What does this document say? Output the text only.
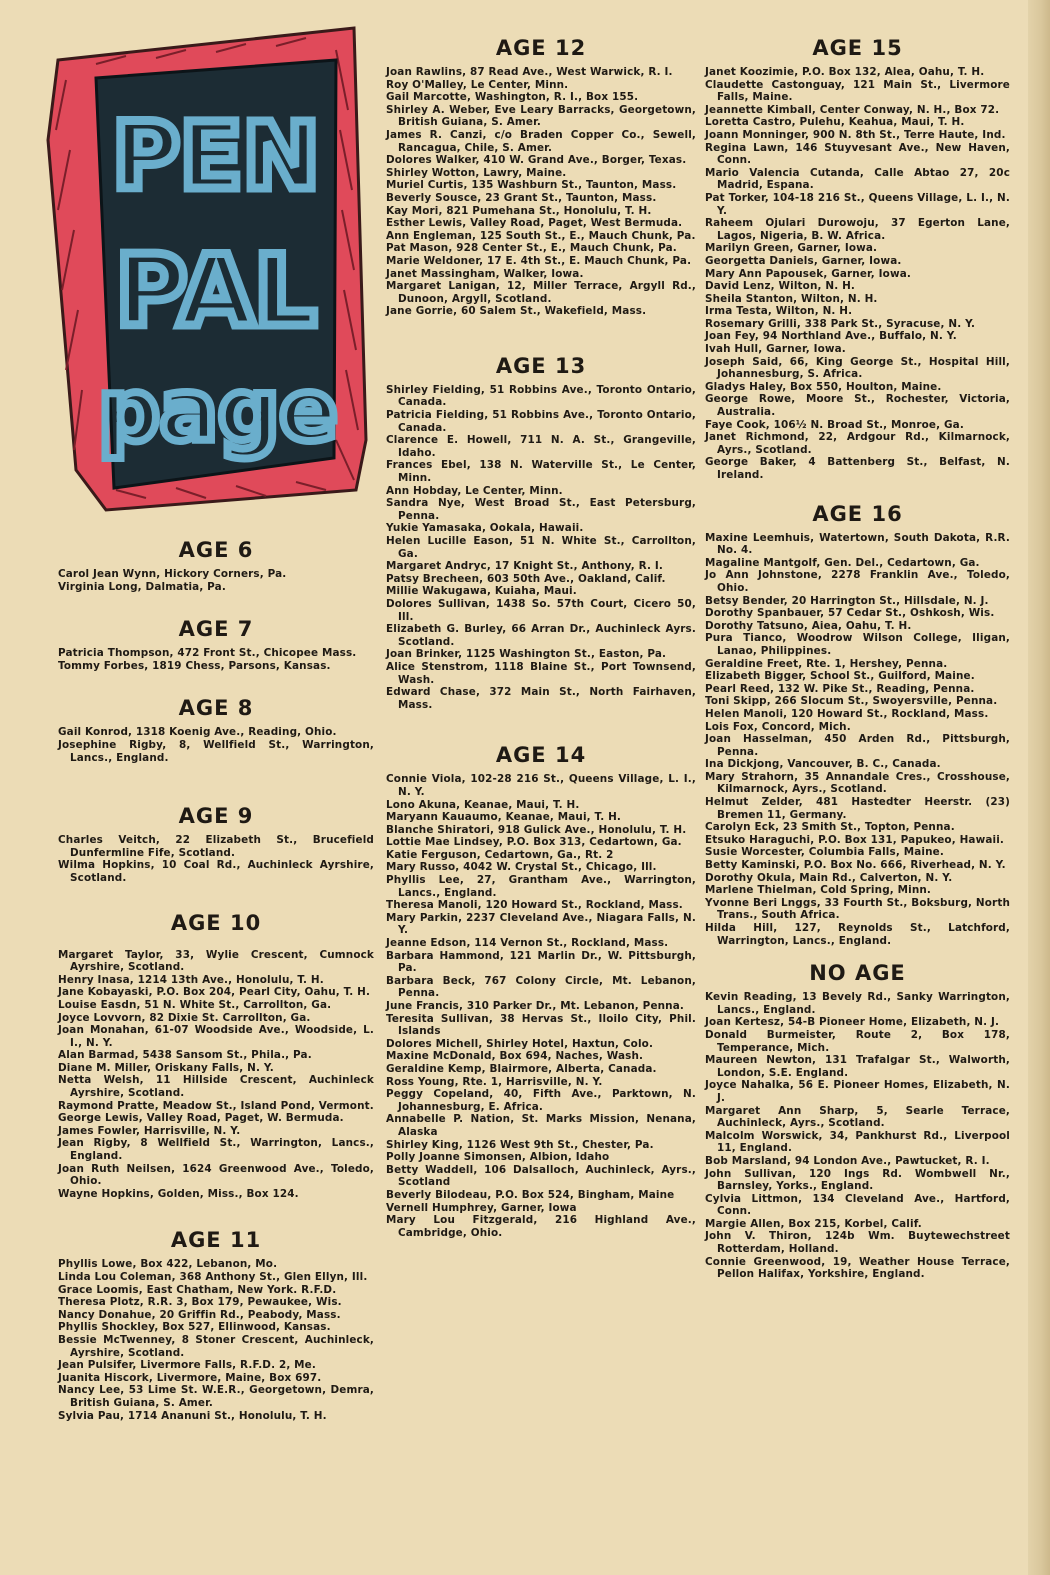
PEN
PAL
page
AGE 6

Carol Jean Wynn, Hickory Corners, Pa.

Virginia Long, Dalmatia, Pa.

AGE 7

Patricia Thompson, 472 Front St., Chicopee Mass.

Tommy Forbes, 1819 Chess, Parsons, Kansas.

AGE 8

Gail Konrod, 1318 Koenig Ave., Reading, Ohio.

Josephine Rigby, 8, Wellfield St., Warrington, Lancs., England.

AGE 9

Charles Veitch, 22 Elizabeth St., Brucefield Dunfermline Fife, Scotland.

Wilma Hopkins, 10 Coal Rd., Auchinleck Ayrshire, Scotland.

AGE 10

Margaret Taylor, 33, Wylie Crescent, Cumnock Ayrshire, Scotland.

Henry Inasa, 1214 13th Ave., Honolulu, T. H.

Jane Kobayaski, P.O. Box 204, Pearl City, Oahu, T. H.

Louise Easdn, 51 N. White St., Carrollton, Ga.

Joyce Lovvorn, 82 Dixie St. Carrollton, Ga.

Joan Monahan, 61-07 Woodside Ave., Woodside, L. I., N. Y.

Alan Barmad, 5438 Sansom St., Phila., Pa.

Diane M. Miller, Oriskany Falls, N. Y.

Netta Welsh, 11 Hillside Crescent, Auchinleck Ayrshire, Scotland.

Raymond Pratte, Meadow St., Island Pond, Vermont.

George Lewis, Valley Road, Paget, W. Bermuda.

James Fowler, Harrisville, N. Y.

Jean Rigby, 8 Wellfield St., Warrington, Lancs., England.

Joan Ruth Neilsen, 1624 Greenwood Ave., Toledo, Ohio.

Wayne Hopkins, Golden, Miss., Box 124.

AGE 11

Phyllis Lowe, Box 422, Lebanon, Mo.

Linda Lou Coleman, 368 Anthony St., Glen Ellyn, Ill.

Grace Loomis, East Chatham, New York. R.F.D.

Theresa Plotz, R.R. 3, Box 179, Pewaukee, Wis.

Nancy Donahue, 20 Griffin Rd., Peabody, Mass.

Phyllis Shockley, Box 527, Ellinwood, Kansas.

Bessie McTwenney, 8 Stoner Crescent, Auchinleck, Ayrshire, Scotland.

Jean Pulsifer, Livermore Falls, R.F.D. 2, Me.

Juanita Hiscork, Livermore, Maine, Box 697.

Nancy Lee, 53 Lime St. W.E.R., Georgetown, Demra, British Guiana, S. Amer.

Sylvia Pau, 1714 Ananuni St., Honolulu, T. H.

AGE 12

Joan Rawlins, 87 Read Ave., West Warwick, R. I.

Roy O'Malley, Le Center, Minn.

Gail Marcotte, Washington, R. I., Box 155.

Shirley A. Weber, Eve Leary Barracks, Georgetown, British Guiana, S. Amer.

James R. Canzi, c/o Braden Copper Co., Sewell, Rancagua, Chile, S. Amer.

Dolores Walker, 410 W. Grand Ave., Borger, Texas.

Shirley Wotton, Lawry, Maine.

Muriel Curtis, 135 Washburn St., Taunton, Mass.

Beverly Sousce, 23 Grant St., Taunton, Mass.

Kay Mori, 821 Pumehana St., Honolulu, T. H.

Esther Lewis, Valley Road, Paget, West Bermuda.

Ann Engleman, 125 South St., E., Mauch Chunk, Pa.

Pat Mason, 928 Center St., E., Mauch Chunk, Pa.

Marie Weldoner, 17 E. 4th St., E. Mauch Chunk, Pa.

Janet Massingham, Walker, Iowa.

Margaret Lanigan, 12, Miller Terrace, Argyll Rd., Dunoon, Argyll, Scotland.

Jane Gorrie, 60 Salem St., Wakefield, Mass.

AGE 13

Shirley Fielding, 51 Robbins Ave., Toronto Ontario, Canada.

Patricia Fielding, 51 Robbins Ave., Toronto Ontario, Canada.

Clarence E. Howell, 711 N. A. St., Grangeville, Idaho.

Frances Ebel, 138 N. Waterville St., Le Center, Minn.

Ann Hobday, Le Center, Minn.

Sandra Nye, West Broad St., East Petersburg, Penna.

Yukie Yamasaka, Ookala, Hawaii.

Helen Lucille Eason, 51 N. White St., Carrollton, Ga.

Margaret Andryc, 17 Knight St., Anthony, R. I.

Patsy Brecheen, 603 50th Ave., Oakland, Calif.

Millie Wakugawa, Kuiaha, Maui.

Dolores Sullivan, 1438 So. 57th Court, Cicero 50, Ill.

Elizabeth G. Burley, 66 Arran Dr., Auchinleck Ayrs. Scotland.

Joan Brinker, 1125 Washington St., Easton, Pa.

Alice Stenstrom, 1118 Blaine St., Port Townsend, Wash.

Edward Chase, 372 Main St., North Fairhaven, Mass.

AGE 14

Connie Viola, 102-28 216 St., Queens Village, L. I., N. Y.

Lono Akuna, Keanae, Maui, T. H.

Maryann Kauaumo, Keanae, Maui, T. H.

Blanche Shiratori, 918 Gulick Ave., Honolulu, T. H.

Lottie Mae Lindsey, P.O. Box 313, Cedartown, Ga.

Katie Ferguson, Cedartown, Ga., Rt. 2

Mary Russo, 4042 W. Crystal St., Chicago, Ill.

Phyllis Lee, 27, Grantham Ave., Warrington, Lancs., England.

Theresa Manoli, 120 Howard St., Rockland, Mass.

Mary Parkin, 2237 Cleveland Ave., Niagara Falls, N. Y.

Jeanne Edson, 114 Vernon St., Rockland, Mass.

Barbara Hammond, 121 Marlin Dr., W. Pittsburgh, Pa.

Barbara Beck, 767 Colony Circle, Mt. Lebanon, Penna.

June Francis, 310 Parker Dr., Mt. Lebanon, Penna.

Teresita Sullivan, 38 Hervas St., Iloilo City, Phil. Islands

Dolores Michell, Shirley Hotel, Haxtun, Colo.

Maxine McDonald, Box 694, Naches, Wash.

Geraldine Kemp, Blairmore, Alberta, Canada.

Ross Young, Rte. 1, Harrisville, N. Y.

Peggy Copeland, 40, Fifth Ave., Parktown, N. Johannesburg, E. Africa.

Annabelle P. Nation, St. Marks Mission, Nenana, Alaska

Shirley King, 1126 West 9th St., Chester, Pa.

Polly Joanne Simonsen, Albion, Idaho

Betty Waddell, 106 Dalsalloch, Auchinleck, Ayrs., Scotland

Beverly Bilodeau, P.O. Box 524, Bingham, Maine

Vernell Humphrey, Garner, Iowa

Mary Lou Fitzgerald, 216 Highland Ave., Cambridge, Ohio.

AGE 15

Janet Koozimie, P.O. Box 132, Alea, Oahu, T. H.

Claudette Castonguay, 121 Main St., Livermore Falls, Maine.

Jeannette Kimball, Center Conway, N. H., Box 72.

Loretta Castro, Pulehu, Keahua, Maui, T. H.

Joann Monninger, 900 N. 8th St., Terre Haute, Ind.

Regina Lawn, 146 Stuyvesant Ave., New Haven, Conn.

Mario Valencia Cutanda, Calle Abtao 27, 20c Madrid, Espana.

Pat Torker, 104-18 216 St., Queens Village, L. I., N. Y.

Raheem Ojulari Durowoju, 37 Egerton Lane, Lagos, Nigeria, B. W. Africa.

Marilyn Green, Garner, Iowa.

Georgetta Daniels, Garner, Iowa.

Mary Ann Papousek, Garner, Iowa.

David Lenz, Wilton, N. H.

Sheila Stanton, Wilton, N. H.

Irma Testa, Wilton, N. H.

Rosemary Grilli, 338 Park St., Syracuse, N. Y.

Joan Fey, 94 Northland Ave., Buffalo, N. Y.

Ivah Hull, Garner, Iowa.

Joseph Said, 66, King George St., Hospital Hill, Johannesburg, S. Africa.

Gladys Haley, Box 550, Houlton, Maine.

George Rowe, Moore St., Rochester, Victoria, Australia.

Faye Cook, 106½ N. Broad St., Monroe, Ga.

Janet Richmond, 22, Ardgour Rd., Kilmarnock, Ayrs., Scotland.

George Baker, 4 Battenberg St., Belfast, N. Ireland.

AGE 16

Maxine Leemhuis, Watertown, South Dakota, R.R. No. 4.

Magaline Mantgolf, Gen. Del., Cedartown, Ga.

Jo Ann Johnstone, 2278 Franklin Ave., Toledo, Ohio.

Betsy Bender, 20 Harrington St., Hillsdale, N. J.

Dorothy Spanbauer, 57 Cedar St., Oshkosh, Wis.

Dorothy Tatsuno, Aiea, Oahu, T. H.

Pura Tianco, Woodrow Wilson College, Iligan, Lanao, Philippines.

Geraldine Freet, Rte. 1, Hershey, Penna.

Elizabeth Bigger, School St., Guilford, Maine.

Pearl Reed, 132 W. Pike St., Reading, Penna.

Toni Skipp, 266 Slocum St., Swoyersville, Penna.

Helen Manoli, 120 Howard St., Rockland, Mass.

Lois Fox, Concord, Mich.

Joan Hasselman, 450 Arden Rd., Pittsburgh, Penna.

Ina Dickjong, Vancouver, B. C., Canada.

Mary Strahorn, 35 Annandale Cres., Crosshouse, Kilmarnock, Ayrs., Scotland.

Helmut Zelder, 481 Hastedter Heerstr. (23) Bremen 11, Germany.

Carolyn Eck, 23 Smith St., Topton, Penna.

Etsuko Haraguchi, P.O. Box 131, Papukeo, Hawaii.

Susie Worcester, Columbia Falls, Maine.

Betty Kaminski, P.O. Box No. 666, Riverhead, N. Y.

Dorothy Okula, Main Rd., Calverton, N. Y.

Marlene Thielman, Cold Spring, Minn.

Yvonne Beri Lnggs, 33 Fourth St., Boksburg, North Trans., South Africa.

Hilda Hill, 127, Reynolds St., Latchford, Warrington, Lancs., England.

NO AGE

Kevin Reading, 13 Bevely Rd., Sanky Warrington, Lancs., England.

Joan Kertesz, 54-B Pioneer Home, Elizabeth, N. J.

Donald Burmeister, Route 2, Box 178, Temperance, Mich.

Maureen Newton, 131 Trafalgar St., Walworth, London, S.E. England.

Joyce Nahalka, 56 E. Pioneer Homes, Elizabeth, N. J.

Margaret Ann Sharp, 5, Searle Terrace, Auchinleck, Ayrs., Scotland.

Malcolm Worswick, 34, Pankhurst Rd., Liverpool 11, England.

Bob Marsland, 94 London Ave., Pawtucket, R. I.

John Sullivan, 120 Ings Rd. Wombwell Nr., Barnsley, Yorks., England.

Cylvia Littmon, 134 Cleveland Ave., Hartford, Conn.

Margie Allen, Box 215, Korbel, Calif.

John V. Thiron, 124b Wm. Buytewechstreet Rotterdam, Holland.

Connie Greenwood, 19, Weather House Terrace, Pellon Halifax, Yorkshire, England.
